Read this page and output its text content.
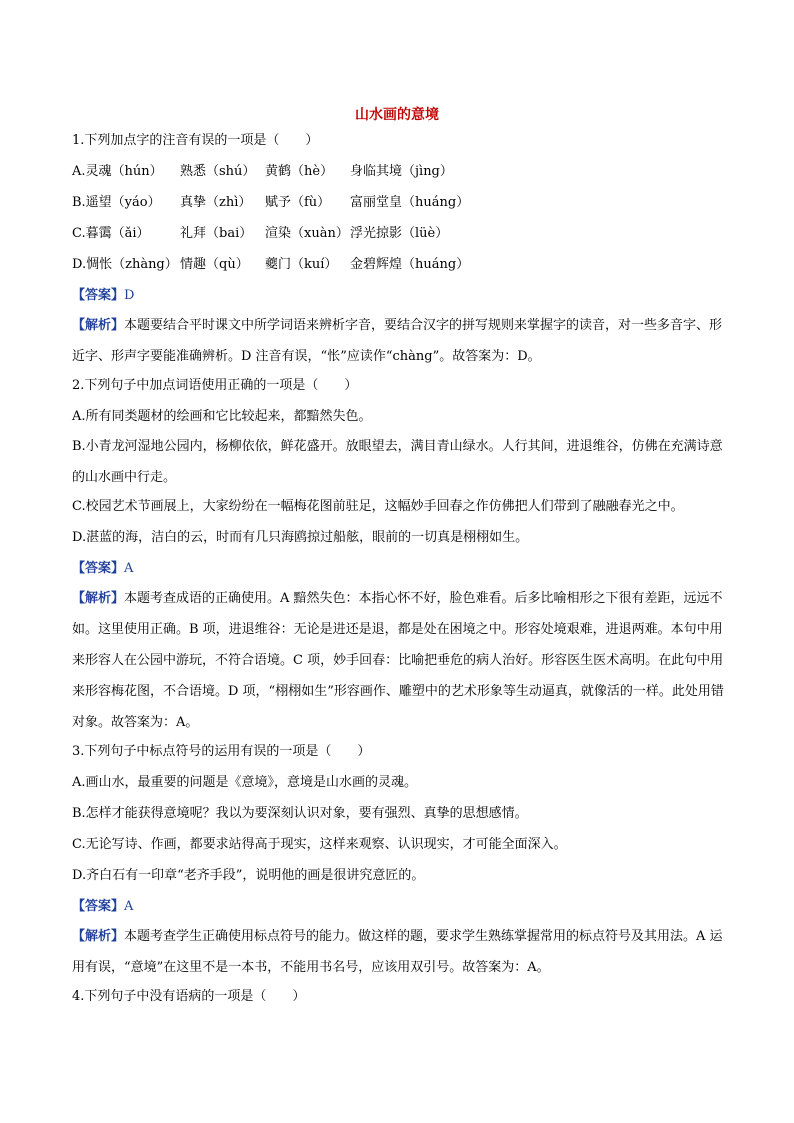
山水画的意境
1.下列加点字的注音有误的一项是（　　）
A.灵魂（hún）	熟悉（shú） 黄鹤（hè）	身临其境（jìng）
B.遥望（yáo）	真挚（zhì）	赋予（fù）	富丽堂皇（huáng）
C.暮霭（ǎi）	礼拜（bai） 渲染（xuàn） 浮光掠影（lüè）
D.惆怅（zhàng） 情趣（qù）	夔门（kuí） 金碧辉煌（huáng）
【答案】D
【解析】本题要结合平时课文中所学词语来辨析字音，要结合汉字的拼写规则来掌握字的读音，对一些多音字、形近字、形声字要能准确辨析。D 注音有误，“怅”应读作“chàng”。故答案为：D。
2.下列句子中加点词语使用正确的一项是（　　）
A.所有同类题材的绘画和它比较起来，都黯然失色。
B.小青龙河湿地公园内，杨柳依依，鲜花盛开。放眼望去，满目青山绿水。人行其间，进退维谷，仿佛在充满诗意的山水画中行走。
C.校园艺术节画展上，大家纷纷在一幅梅花图前驻足，这幅妙手回春之作仿佛把人们带到了融融春光之中。
D.湛蓝的海，洁白的云，时而有几只海鸥掠过船舷，眼前的一切真是栩栩如生。
【答案】A
【解析】本题考查成语的正确使用。A 黯然失色：本指心怀不好，脸色难看。后多比喻相形之下很有差距，远远不如。这里使用正确。B 项，进退维谷：无论是进还是退，都是处在困境之中。形容处境艰难，进退两难。本句中用来形容人在公园中游玩，不符合语境。C 项，妙手回春：比喻把垂危的病人治好。形容医生医术高明。在此句中用来形容梅花图，不合语境。D 项，“栩栩如生”形容画作、雕塑中的艺术形象等生动逼真，就像活的一样。此处用错对象。故答案为：A。
3.下列句子中标点符号的运用有误的一项是（　　）
A.画山水，最重要的问题是《意境》，意境是山水画的灵魂。
B.怎样才能获得意境呢？我以为要深刻认识对象，要有强烈、真挚的思想感情。
C.无论写诗、作画，都要求站得高于现实，这样来观察、认识现实，才可能全面深入。
D.齐白石有一印章“老齐手段”，说明他的画是很讲究意匠的。
【答案】A
【解析】本题考查学生正确使用标点符号的能力。做这样的题，要求学生熟练掌握常用的标点符号及其用法。A 运用有误，“意境”在这里不是一本书，不能用书名号，应该用双引号。故答案为：A。
4.下列句子中没有语病的一项是（　　）
